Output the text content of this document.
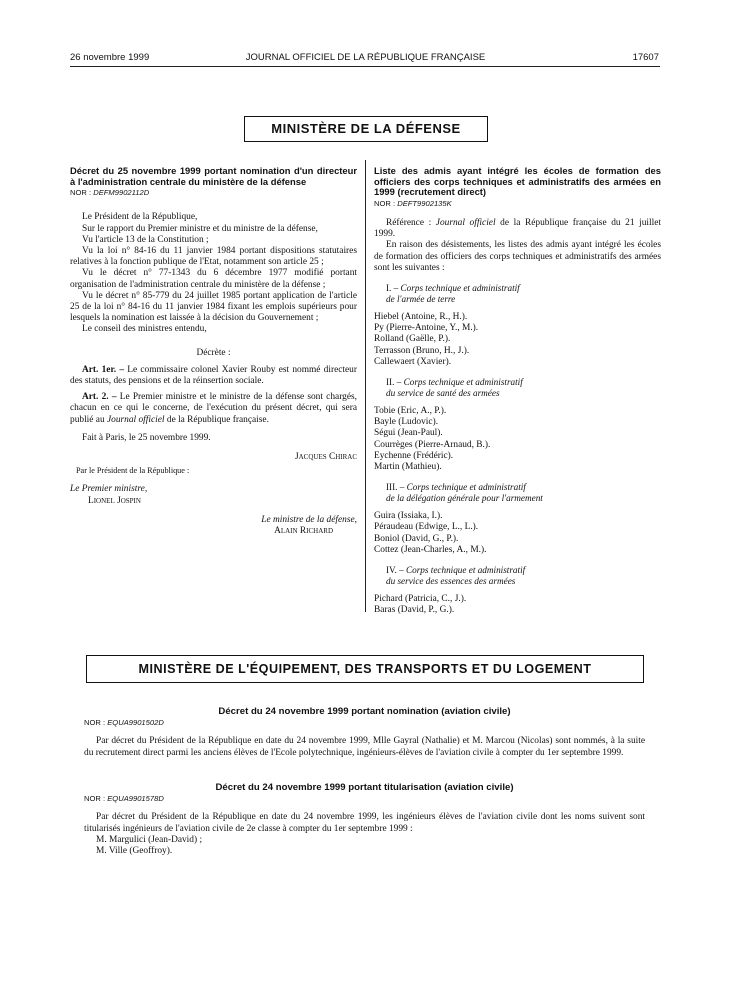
26 novembre 1999	JOURNAL OFFICIEL DE LA RÉPUBLIQUE FRANÇAISE	17607
MINISTÈRE DE LA DÉFENSE

Décret du 25 novembre 1999 portant nomination d'un directeur à l'administration centrale du ministère de la défense

NOR : DEFM9902112D

Le Président de la République,

Sur le rapport du Premier ministre et du ministre de la défense,

Vu l'article 13 de la Constitution ;

Vu la loi n° 84-16 du 11 janvier 1984 portant dispositions statutaires relatives à la fonction publique de l'Etat, notamment son article 25 ;

Vu le décret n° 77-1343 du 6 décembre 1977 modifié portant organisation de l'administration centrale du ministère de la défense ;

Vu le décret n° 85-779 du 24 juillet 1985 portant application de l'article 25 de la loi n° 84-16 du 11 janvier 1984 fixant les emplois supérieurs pour lesquels la nomination est laissée à la décision du Gouvernement ;

Le conseil des ministres entendu,

Décrète :

Art. 1er. – Le commissaire colonel Xavier Rouby est nommé directeur des statuts, des pensions et de la réinsertion sociale.

Art. 2. – Le Premier ministre et le ministre de la défense sont chargés, chacun en ce qui le concerne, de l'exécution du présent décret, qui sera publié au Journal officiel de la République française.

Fait à Paris, le 25 novembre 1999.

Jacques Chirac
Par le Président de la République :
Le Premier ministre,
Lionel Jospin
Le ministre de la défense,
Alain Richard

Liste des admis ayant intégré les écoles de formation des officiers des corps techniques et administratifs des armées en 1999 (recrutement direct)

NOR : DEFT9902135K

Référence : Journal officiel de la République française du 21 juillet 1999.

En raison des désistements, les listes des admis ayant intégré les écoles de formation des officiers des corps techniques et administratifs des armées sont les suivantes :

I. – Corps technique et administratif

de l'armée de terre

Hiebel (Antoine, R., H.).
Py (Pierre-Antoine, Y., M.).
Rolland (Gaëlle, P.).
Terrasson (Bruno, H., J.).
Callewaert (Xavier).

II. – Corps technique et administratif

du service de santé des armées

Tobie (Eric, A., P.).
Bayle (Ludovic).
Ségui (Jean-Paul).
Courrèges (Pierre-Arnaud, B.).
Eychenne (Frédéric).
Martin (Mathieu).

III. – Corps technique et administratif

de la délégation générale pour l'armement

Guira (Issiaka, I.).
Péraudeau (Edwige, L., L.).
Boniol (David, G., P.).
Cottez (Jean-Charles, A., M.).

IV. – Corps technique et administratif

du service des essences des armées

Pichard (Patricia, C., J.).
Baras (David, P., G.).
MINISTÈRE DE L'ÉQUIPEMENT, DES TRANSPORTS ET DU LOGEMENT
Décret du 24 novembre 1999 portant nomination (aviation civile)

NOR : EQUA9901502D

Par décret du Président de la République en date du 24 novembre 1999, Mlle Gayral (Nathalie) et M. Marcou (Nicolas) sont nommés, à la suite du recrutement direct parmi les anciens élèves de l'Ecole polytechnique, ingénieurs-élèves de l'aviation civile à compter du 1er septembre 1999.

Décret du 24 novembre 1999 portant titularisation (aviation civile)

NOR : EQUA9901578D

Par décret du Président de la République en date du 24 novembre 1999, les ingénieurs élèves de l'aviation civile dont les noms suivent sont titularisés ingénieurs de l'aviation civile de 2e classe à compter du 1er septembre 1999 :

M. Margulici (Jean-David) ;

M. Ville (Geoffroy).
